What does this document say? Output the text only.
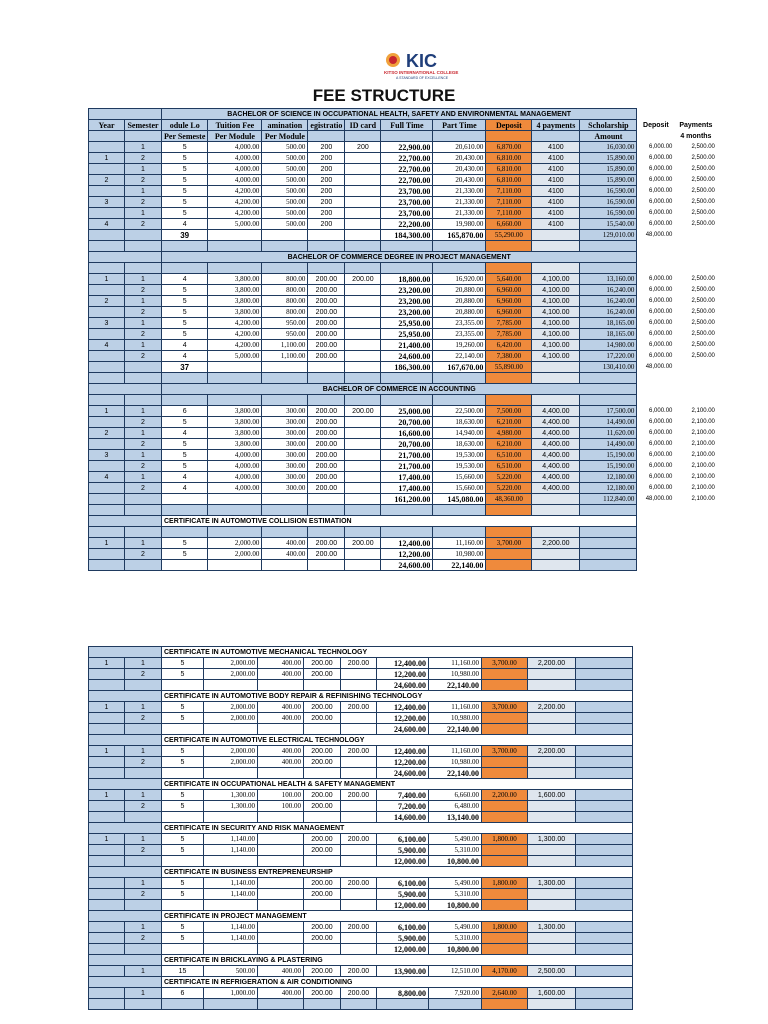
KIC
KITSO INTERNATIONAL COLLEGE
A STANDARD OF EXCELLENCE
FEE STRUCTURE
		BACHELOR OF SCIENCE IN OCCUPATIONAL HEALTH, SAFETY AND ENVIRONMENTAL MANAGEMENT											
Year	Semester	odule Lo	Tuition Fee	amination	egistratio	ID card	Full Time	Part Time	Deposit	4 payments	Scholarship	Deposit	Payments
		Per Semeste	Per Module	Per Module							Amount		4 months
	1	5	4,000.00	500.00	200	200	22,900.00	20,610.00	6,870.00	4100	16,030.00	6,000.00	2,500.00
1	2	5	4,000.00	500.00	200		22,700.00	20,430.00	6,810.00	4100	15,890.00	6,000.00	2,500.00
	1	5	4,000.00	500.00	200		22,700.00	20,430.00	6,810.00	4100	15,890.00	6,000.00	2,500.00
2	2	5	4,000.00	500.00	200		22,700.00	20,430.00	6,810.00	4100	15,890.00	6,000.00	2,500.00
	1	5	4,200.00	500.00	200		23,700.00	21,330.00	7,110.00	4100	16,590.00	6,000.00	2,500.00
3	2	5	4,200.00	500.00	200		23,700.00	21,330.00	7,110.00	4100	16,590.00	6,000.00	2,500.00
	1	5	4,200.00	500.00	200		23,700.00	21,330.00	7,110.00	4100	16,590.00	6,000.00	2,500.00
4	2	4	5,000.00	500.00	200		22,200.00	19,980.00	6,660.00	4100	15,540.00	6,000.00	2,500.00
		39					184,300.00	165,870.00	55,290.00		129,010.00	48,000.00	

		BACHELOR OF COMMERCE DEGREE IN PROJECT MANAGEMENT											

1	1	4	3,800.00	800.00	200.00	200.00	18,800.00	16,920.00	5,640.00	4,100.00	13,160.00	6,000.00	2,500.00
	2	5	3,800.00	800.00	200.00		23,200.00	20,880.00	6,960.00	4,100.00	16,240.00	6,000.00	2,500.00
2	1	5	3,800.00	800.00	200.00		23,200.00	20,880.00	6,960.00	4,100.00	16,240.00	6,000.00	2,500.00
	2	5	3,800.00	800.00	200.00		23,200.00	20,880.00	6,960.00	4,100.00	16,240.00	6,000.00	2,500.00
3	1	5	4,200.00	950.00	200.00		25,950.00	23,355.00	7,785.00	4,100.00	18,165.00	6,000.00	2,500.00
	2	5	4,200.00	950.00	200.00		25,950.00	23,355.00	7,785.00	4,100.00	18,165.00	6,000.00	2,500.00
4	1	4	4,200.00	1,100.00	200.00		21,400.00	19,260.00	6,420.00	4,100.00	14,980.00	6,000.00	2,500.00
	2	4	5,000.00	1,100.00	200.00		24,600.00	22,140.00	7,380.00	4,100.00	17,220.00	6,000.00	2,500.00
		37					186,300.00	167,670.00	55,890.00		130,410.00	48,000.00	

		BACHELOR OF COMMERCE IN ACCOUNTING											

1	1	6	3,800.00	300.00	200.00	200.00	25,000.00	22,500.00	7,500.00	4,400.00	17,500.00	6,000.00	2,100.00
	2	5	3,800.00	300.00	200.00		20,700.00	18,630.00	6,210.00	4,400.00	14,490.00	6,000.00	2,100.00
2	1	4	3,800.00	300.00	200.00		16,600.00	14,940.00	4,980.00	4,400.00	11,620.00	6,000.00	2,100.00
	2	5	3,800.00	300.00	200.00		20,700.00	18,630.00	6,210.00	4,400.00	14,490.00	6,000.00	2,100.00
3	1	5	4,000.00	300.00	200.00		21,700.00	19,530.00	6,510.00	4,400.00	15,190.00	6,000.00	2,100.00
	2	5	4,000.00	300.00	200.00		21,700.00	19,530.00	6,510.00	4,400.00	15,190.00	6,000.00	2,100.00
4	1	4	4,000.00	300.00	200.00		17,400.00	15,660.00	5,220.00	4,400.00	12,180.00	6,000.00	2,100.00
	2	4	4,000.00	300.00	200.00		17,400.00	15,660.00	5,220.00	4,400.00	12,180.00	6,000.00	2,100.00
							161,200.00	145,080.00	48,360.00		112,840.00	48,000.00	2,100.00

		CERTIFICATE IN AUTOMOTIVE COLLISION ESTIMATION											

1	1	5	2,000.00	400.00	200.00	200.00	12,400.00	11,160.00	3,700.00	2,200.00			
	2	5	2,000.00	400.00	200.00		12,200.00	10,980.00					
							24,600.00	22,140.00					
		CERTIFICATE IN AUTOMOTIVE MECHANICAL TECHNOLOGY									
1	1	5	2,000.00	400.00	200.00	200.00	12,400.00	11,160.00	3,700.00	2,200.00	
	2	5	2,000.00	400.00	200.00		12,200.00	10,980.00			
							24,600.00	22,140.00			
		CERTIFICATE IN AUTOMOTIVE BODY REPAIR & REFINISHING TECHNOLOGY									
1	1	5	2,000.00	400.00	200.00	200.00	12,400.00	11,160.00	3,700.00	2,200.00	
	2	5	2,000.00	400.00	200.00		12,200.00	10,980.00			
							24,600.00	22,140.00			
		CERTIFICATE IN AUTOMOTIVE ELECTRICAL TECHNOLOGY									
1	1	5	2,000.00	400.00	200.00	200.00	12,400.00	11,160.00	3,700.00	2,200.00	
	2	5	2,000.00	400.00	200.00		12,200.00	10,980.00			
							24,600.00	22,140.00			
		CERTIFICATE IN OCCUPATIONAL HEALTH & SAFETY MANAGEMENT									
1	1	5	1,300.00	100.00	200.00	200.00	7,400.00	6,660.00	2,200.00	1,600.00	
	2	5	1,300.00	100.00	200.00		7,200.00	6,480.00			
							14,600.00	13,140.00			
		CERTIFICATE IN SECURITY AND RISK MANAGEMENT									
1	1	5	1,140.00		200.00	200.00	6,100.00	5,490.00	1,800.00	1,300.00	
	2	5	1,140.00		200.00		5,900.00	5,310.00			
							12,000.00	10,800.00			
		CERTIFICATE IN BUSINESS ENTREPRENEURSHIP									
	1	5	1,140.00		200.00	200.00	6,100.00	5,490.00	1,800.00	1,300.00	
	2	5	1,140.00		200.00		5,900.00	5,310.00			
							12,000.00	10,800.00			
		CERTIFICATE IN PROJECT MANAGEMENT									
	1	5	1,140.00		200.00	200.00	6,100.00	5,490.00	1,800.00	1,300.00	
	2	5	1,140.00		200.00		5,900.00	5,310.00			
							12,000.00	10,800.00			
		CERTIFICATE IN BRICKLAYING & PLASTERING									
	1	15	500.00	400.00	200.00	200.00	13,900.00	12,510.00	4,170.00	2,500.00	
		CERTIFICATE IN REFRIGERATION & AIR CONDITIONING									
	1	6	1,000.00	400.00	200.00	200.00	8,800.00	7,920.00	2,640.00	1,600.00	
